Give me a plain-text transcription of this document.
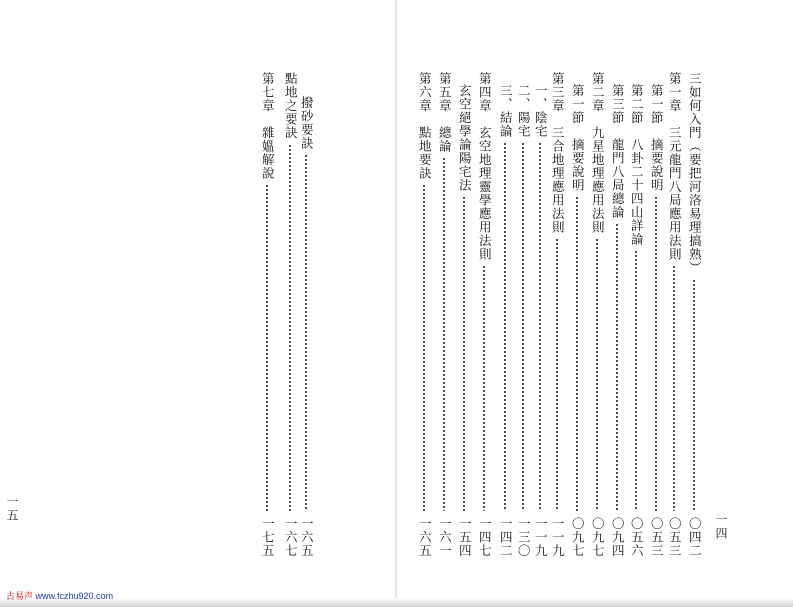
撥砂要訣
一六五
點地之要訣
一六七
第七章　雜媼解說
一七五
一五
三如何入門（要把河洛易理搞熟）
〇四二
第一章　三元龍門八局應用法則
〇五三
第一節　摘要說明
〇五三
第二節　八卦二十四山詳論
〇五六
第三節　龍門八局總論
〇九四
第二章　九星地理應用法則
〇九七
第一節　摘要說明
〇九七
第三章　三合地理應用法則
一一九
一、陰宅
一一九
二、陽宅
一三〇
三、結論
一四二
第四章　玄空地理靈學應用法則
一四七
玄空絕學論陽宅法
一五四
第五章　總論
一六一
第六章　點地要訣
一六五	一四
古易声 www.fczhu920.com
